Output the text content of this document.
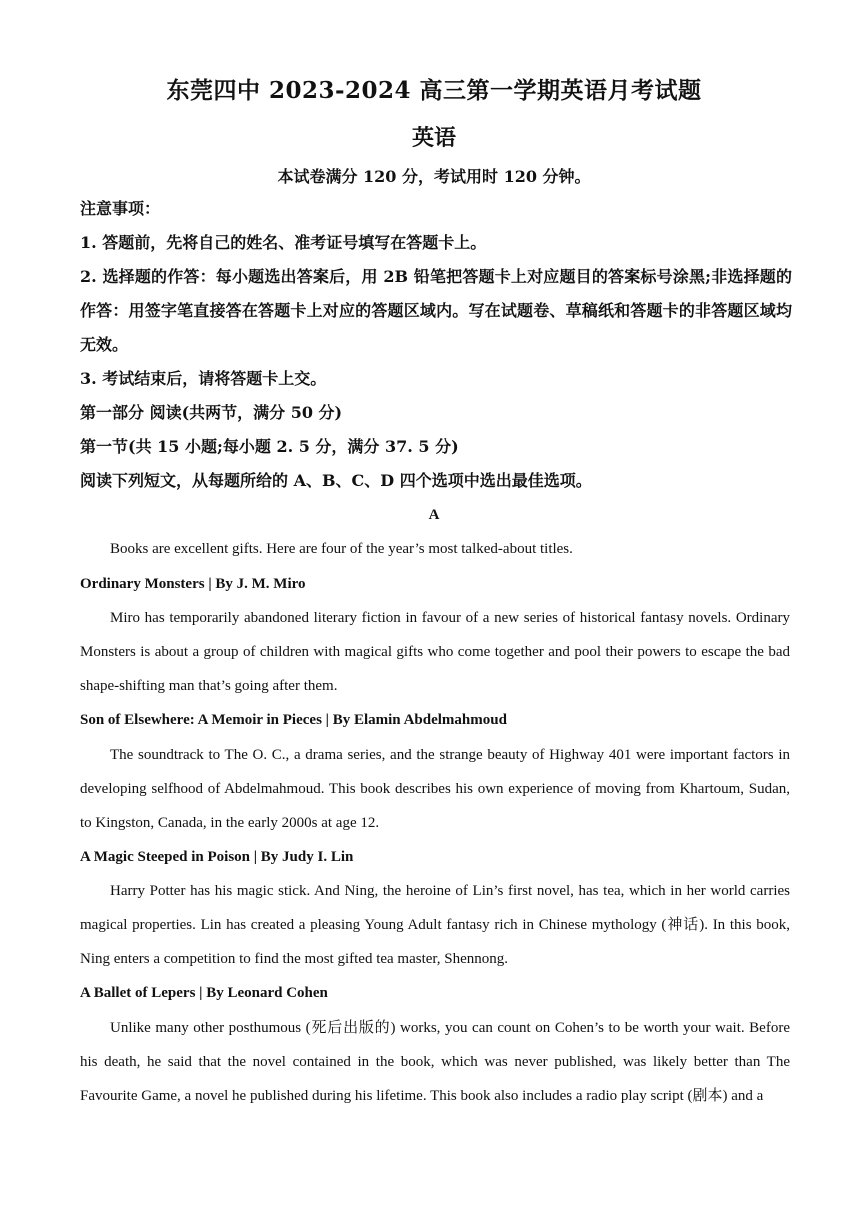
东莞四中 2023-2024 高三第一学期英语月考试题
英语
本试卷满分 120 分，考试用时 120 分钟。
注意事项：
1. 答题前，先将自己的姓名、准考证号填写在答题卡上。
2. 选择题的作答：每小题选出答案后，用 2B 铅笔把答题卡上对应题目的答案标号涂黑;非选择题的作答：用签字笔直接答在答题卡上对应的答题区域内。写在试题卷、草稿纸和答题卡的非答题区域均无效。
3. 考试结束后，请将答题卡上交。
第一部分 阅读(共两节，满分 50 分)
第一节(共 15 小题;每小题 2. 5 分，满分 37. 5 分)
阅读下列短文，从每题所给的 A、B、C、D 四个选项中选出最佳选项。
A
Books are excellent gifts. Here are four of the year’s most talked-about titles.
Ordinary Monsters | By J. M. Miro
Miro has temporarily abandoned literary fiction in favour of a new series of historical fantasy novels. Ordinary Monsters is about a group of children with magical gifts who come together and pool their powers to escape the bad shape-shifting man that’s going after them.
Son of Elsewhere: A Memoir in Pieces | By Elamin Abdelmahmoud
The soundtrack to The O. C., a drama series, and the strange beauty of Highway 401 were important factors in developing selfhood of Abdelmahmoud. This book describes his own experience of moving from Khartoum, Sudan, to Kingston, Canada, in the early 2000s at age 12.
A Magic Steeped in Poison | By Judy I. Lin
Harry Potter has his magic stick. And Ning, the heroine of Lin’s first novel, has tea, which in her world carries magical properties. Lin has created a pleasing Young Adult fantasy rich in Chinese mythology (神话). In this book, Ning enters a competition to find the most gifted tea master, Shennong.
A Ballet of Lepers | By Leonard Cohen
Unlike many other posthumous (死后出版的) works, you can count on Cohen’s to be worth your wait. Before his death, he said that the novel contained in the book, which was never published, was likely better than The Favourite Game, a novel he published during his lifetime. This book also includes a radio play script (剧本) and a
